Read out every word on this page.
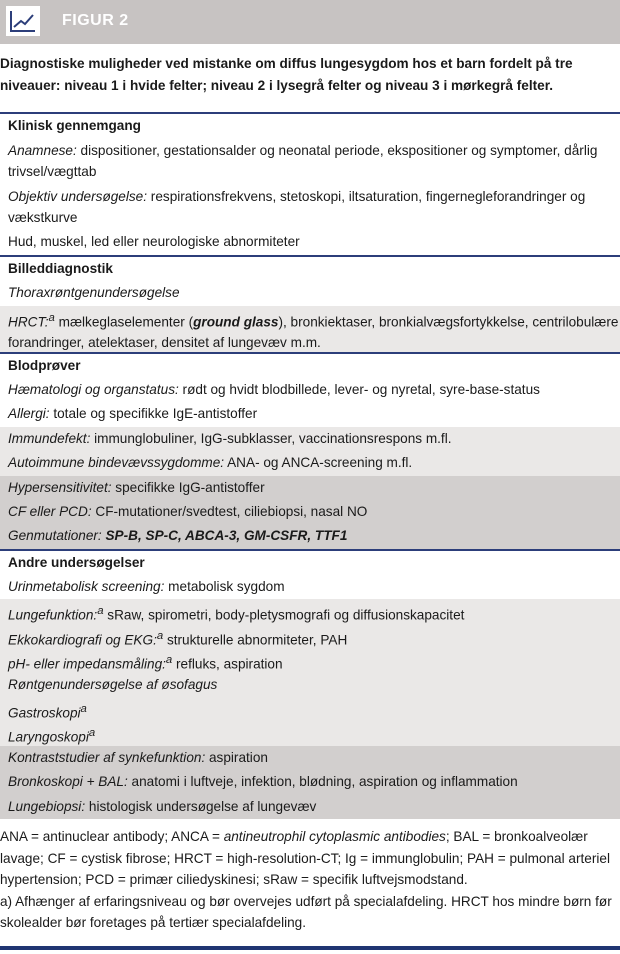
FIGUR 2
Diagnostiske muligheder ved mistanke om diffus lungesygdom hos et barn fordelt på tre niveauer: niveau 1 i hvide felter; niveau 2 i lysegrå felter og niveau 3 i mørkegrå felter.
Klinisk gennemgang
Anamnese: dispositioner, gestationsalder og neonatal periode, ekspositioner og symptomer, dårlig trivsel/vægttab
Objektiv undersøgelse: respirationsfrekvens, stetoskopi, iltsaturation, fingernegleforandringer og vækstkurve
Hud, muskel, led eller neurologiske abnormiteter
Billeddiagnostik
Thoraxrøntgenundersøgelse
HRCT:$^a$ mælkeglaselementer (ground glass), bronkiektaser, bronkialvægsfortykkelse, centrilobulære forandringer, atelektaser, densitet af lungevæv m.m.
Blodprøver
Hæmatologi og organstatus: rødt og hvidt blodbillede, lever- og nyretal, syre-base-status
Allergi: totale og specifikke IgE-antistoffer
Immundefekt: immunglobuliner, IgG-subklasser, vaccinationsrespons m.fl.
Autoimmune bindevævssygdomme: ANA- og ANCA-screening m.fl.
Hypersensitivitet: specifikke IgG-antistoffer
CF eller PCD: CF-mutationer/svedtest, ciliebiopsi, nasal NO
Genmutationer: SP-B, SP-C, ABCA-3, GM-CSFR, TTF1
Andre undersøgelser
Urinmetabolisk screening: metabolisk sygdom
Lungefunktion:$^a$ sRaw, spirometri, body-pletysmografi og diffusionskapacitet
Ekkokardiografi og EKG:$^a$ strukturelle abnormiteter, PAH
pH- eller impedansmåling:$^a$ refluks, aspiration
Røntgenundersøgelse af øsofagus
Gastroskopi$^a$
Laryngoskopi$^a$
Kontraststudier af synkefunktion: aspiration
Bronkoskopi + BAL: anatomi i luftveje, infektion, blødning, aspiration og inflammation
Lungebiopsi: histologisk undersøgelse af lungevæv
ANA = antinuclear antibody; ANCA = antineutrophil cytoplasmic antibodies; BAL = bronkoalveolær lavage; CF = cystisk fibrose; HRCT = high-resolution-CT; Ig = immunglobulin; PAH = pulmonal arteriel hypertension; PCD = primær ciliedyskinesi; sRaw = specifik luftvejsmodstand.
a) Afhænger af erfaringsniveau og bør overvejes udført på specialafdeling. HRCT hos mindre børn før skolealder bør foretages på tertiær specialafdeling.
